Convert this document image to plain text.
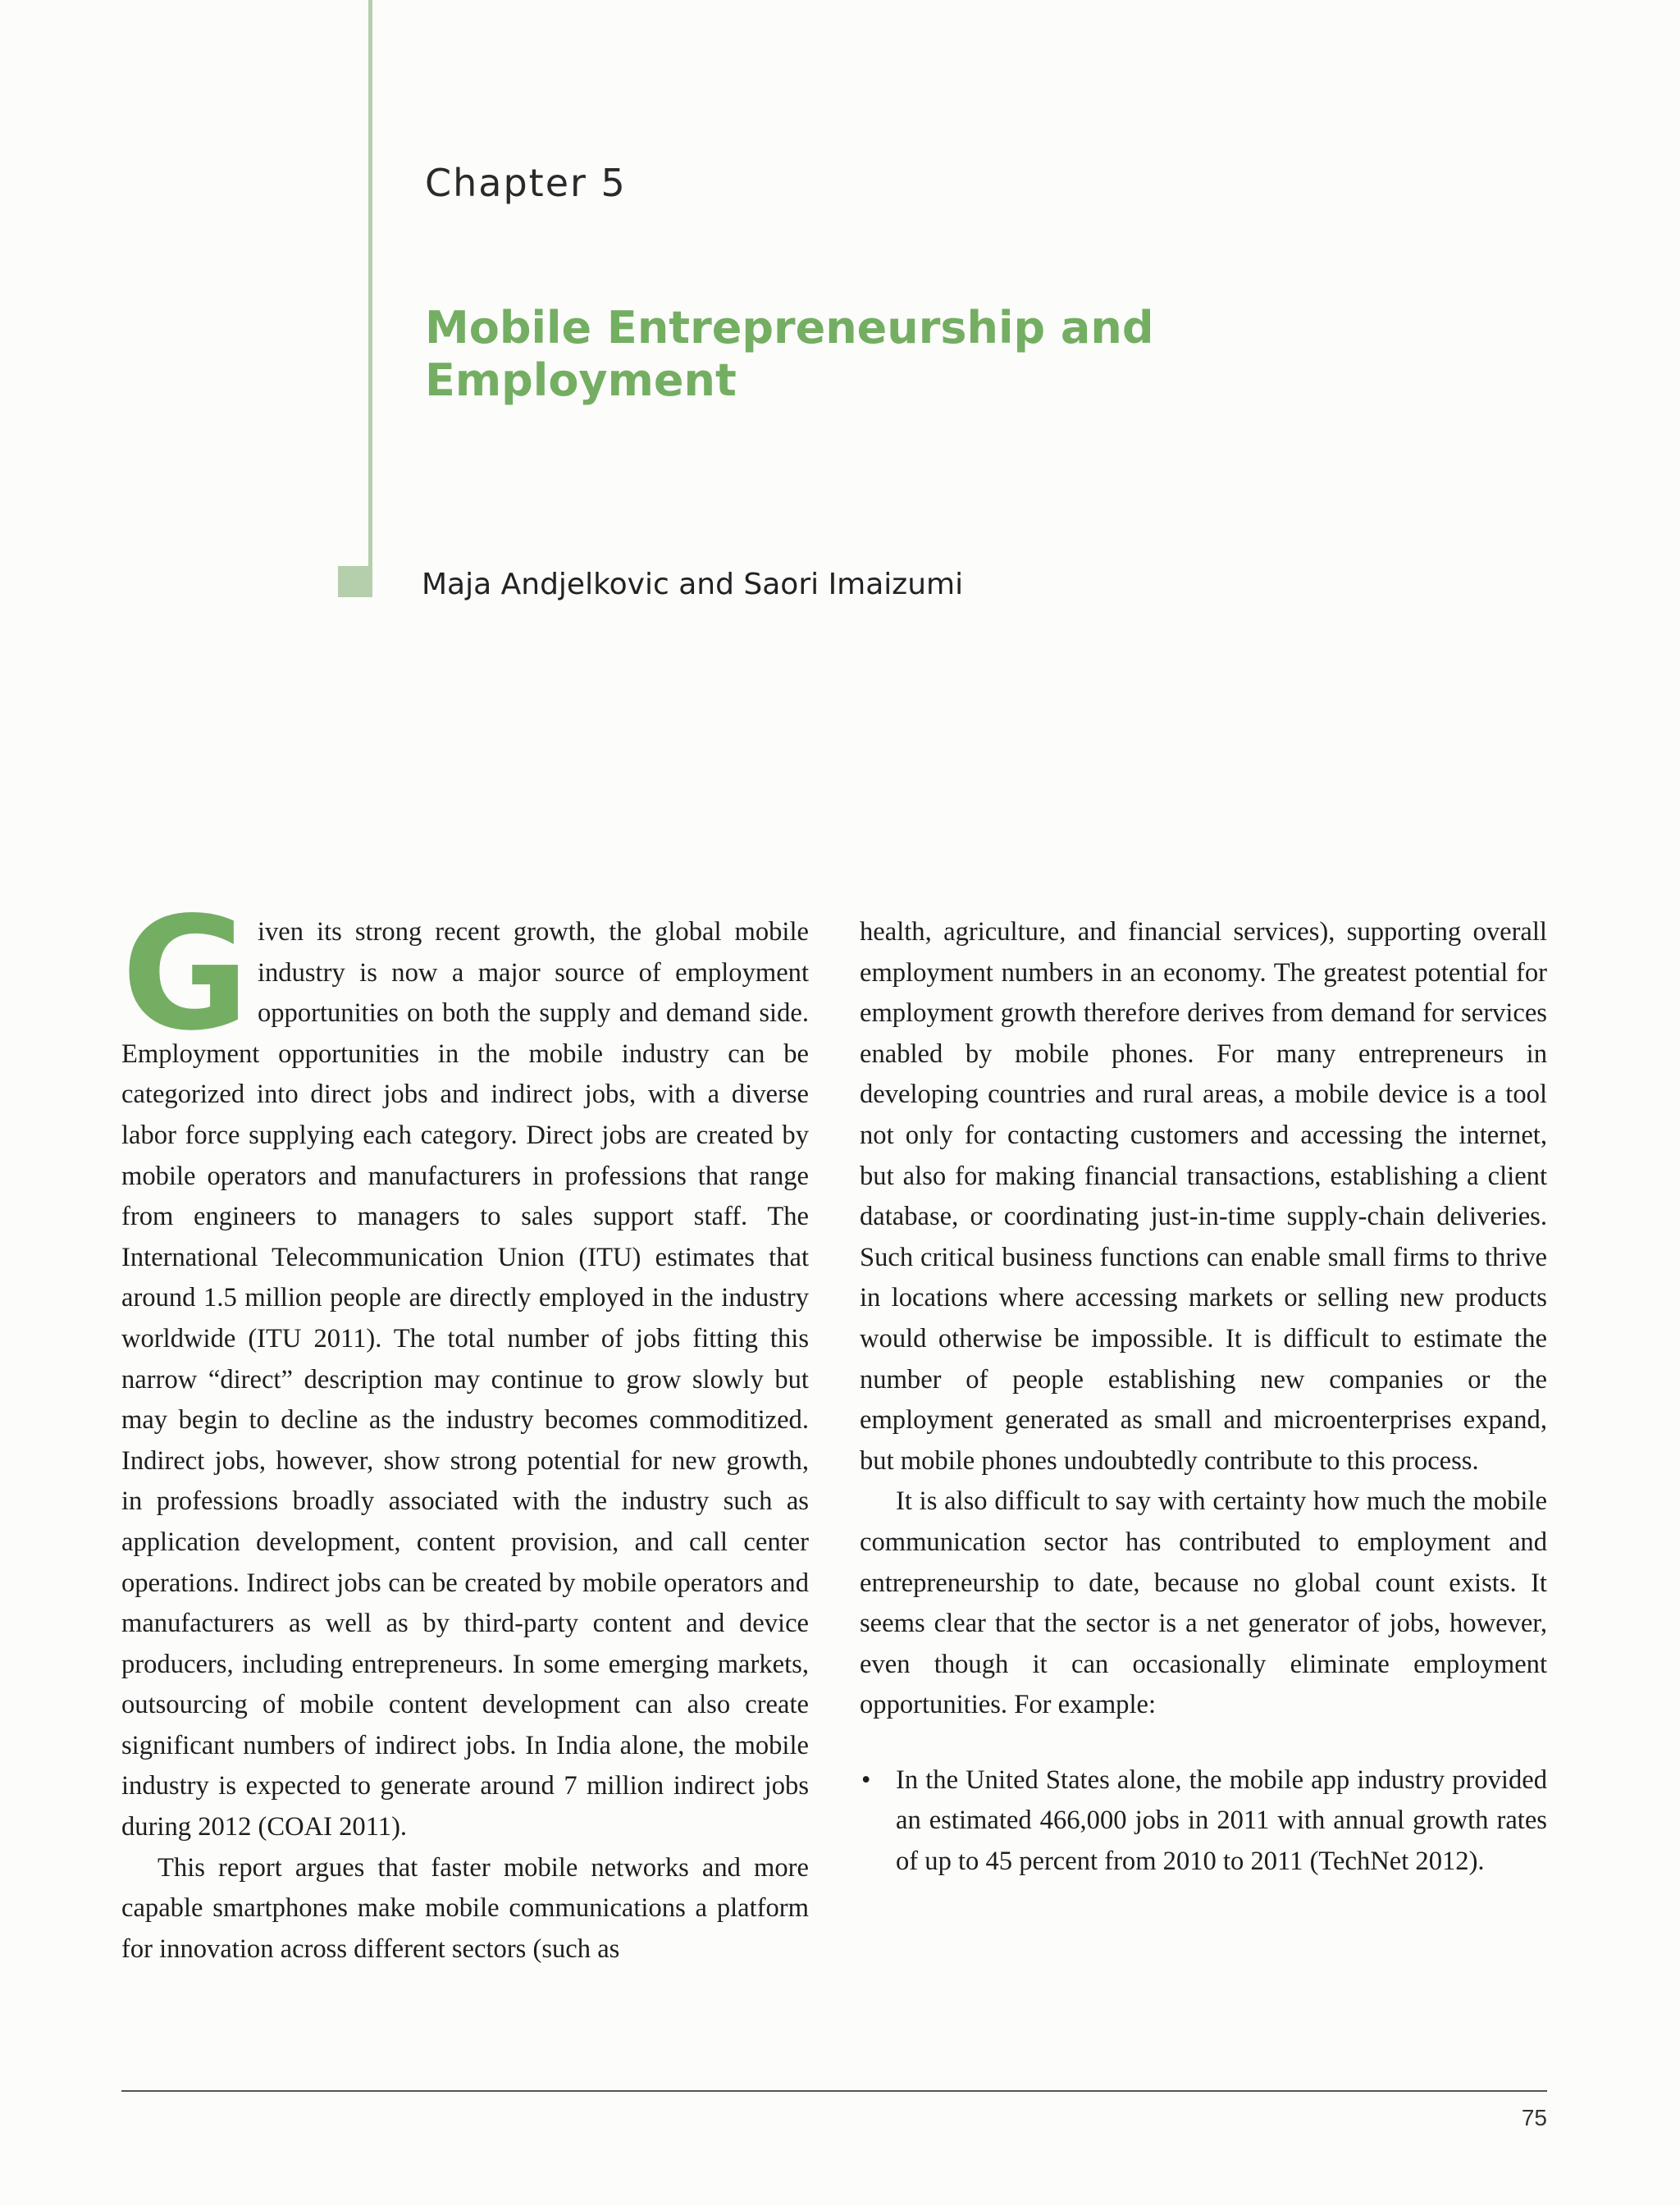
Chapter 5
Mobile Entrepreneurship and
Employment
Maja Andjelkovic and Saori Imaizumi

Given its strong recent growth, the global mobile industry is now a major source of employment opportunities on both the supply and demand side. Employment opportunities in the mobile industry can be categorized into direct jobs and indirect jobs, with a diverse labor force supplying each category. Direct jobs are created by mobile operators and manufacturers in professions that range from engineers to managers to sales support staff. The International Telecommunication Union (ITU) estimates that around 1.5 million people are directly employed in the industry worldwide (ITU 2011). The total number of jobs fitting this narrow “direct” description may continue to grow slowly but may begin to decline as the industry becomes commoditized. Indirect jobs, however, show strong potential for new growth, in professions broadly associated with the industry such as application development, content provision, and call center operations. Indirect jobs can be created by mobile operators and manufacturers as well as by third-party content and device producers, including entrepreneurs. In some emerging markets, outsourcing of mobile content development can also create significant numbers of indirect jobs. In India alone, the mobile industry is expected to generate around 7 million indirect jobs during 2012 (COAI 2011).

This report argues that faster mobile networks and more capable smartphones make mobile communications a platform for innovation across different sectors (such as

health, agriculture, and financial services), supporting overall employment numbers in an economy. The greatest potential for employment growth therefore derives from demand for services enabled by mobile phones. For many entrepreneurs in developing countries and rural areas, a mobile device is a tool not only for contacting customers and accessing the internet, but also for making financial transactions, establishing a client database, or coordinating just-in-time supply-chain deliveries. Such critical business functions can enable small firms to thrive in locations where accessing markets or selling new products would otherwise be impossible. It is difficult to estimate the number of people establishing new companies or the employment generated as small and microenterprises expand, but mobile phones undoubtedly contribute to this process.

It is also difficult to say with certainty how much the mobile communication sector has contributed to employment and entrepreneurship to date, because no global count exists. It seems clear that the sector is a net generator of jobs, however, even though it can occasionally eliminate employment opportunities. For example:

• In the United States alone, the mobile app industry provided an estimated 466,000 jobs in 2011 with annual growth rates of up to 45 percent from 2010 to 2011 (TechNet 2012).
75
